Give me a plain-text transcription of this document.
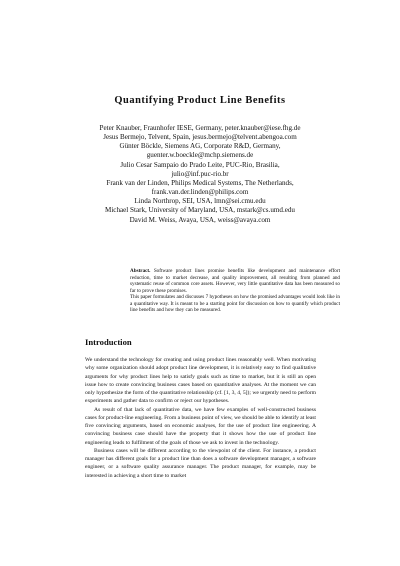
Quantifying Product Line Benefits
Peter Knauber, Fraunhofer IESE, Germany, peter.knauber@iese.fhg.de
Jesus Bermejo, Telvent, Spain, jesus.bermejo@telvent.abengoa.com
Günter Böckle, Siemens AG, Corporate R&D, Germany,
guenter.w.boeckle@mchp.siemens.de
Julio Cesar Sampaio do Prado Leite, PUC-Rio, Brasilia,
julio@inf.puc-rio.br
Frank van der Linden, Philips Medical Systems, The Netherlands,
frank.van.der.linden@philips.com
Linda Northrop, SEI, USA, lmn@sei.cmu.edu
Michael Stark, University of Maryland, USA, mstark@cs.umd.edu
David M. Weiss, Avaya, USA, weiss@avaya.com

Abstract. Software product lines promise benefits like development and maintenance effort reduction, time to market decrease, and quality improvement, all resulting from planned and systematic reuse of common core assets. However, very little quantitative data has been measured so far to prove these promises.

This paper formulates and discusses 7 hypotheses on how the promised advantages would look like in a quantitative way. It is meant to be a starting point for discussion on how to quantify which product line benefits and how they can be measured.

Introduction

We understand the technology for creating and using product lines reasonably well. When motivating why some organization should adopt product line development, it is relatively easy to find qualitative arguments for why product lines help to satisfy goals such as time to market, but it is still an open issue how to create convincing business cases based on quantitative analyses. At the moment we can only hypothesize the form of the quantitative relationship (cf. [1, 3, 4, 5]); we urgently need to perform experiments and gather data to confirm or reject our hypotheses.

As result of that lack of quantitative data, we have few examples of well-constructed business cases for product-line engineering. From a business point of view, we should be able to identify at least five convincing arguments, based on economic analyses, for the use of product line engineering. A convincing business case should have the property that it shows how the use of product line engineering leads to fulfilment of the goals of those we ask to invest in the technology.

Business cases will be different according to the viewpoint of the client. For instance, a product manager has different goals for a product line than does a software development manager, a software engineer, or a software quality assurance manager. The product manager, for example, may be interested in achieving a short time to market
